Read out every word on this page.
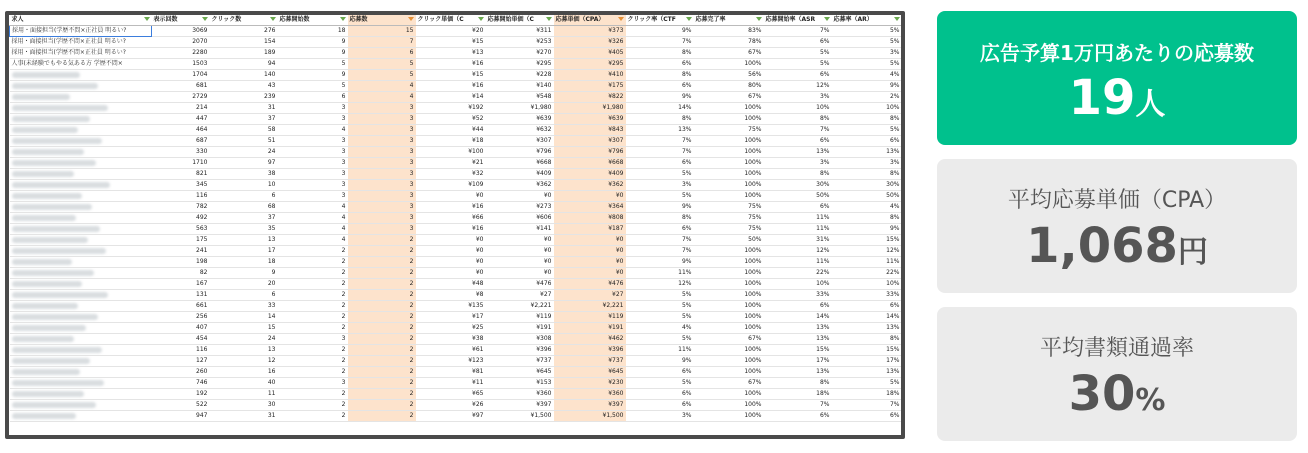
求人	表示回数	クリック数	応募開始数	応募数	クリック単価（C	応募開始単価（C	応募単価（CPA）	クリック率（CTF	応募完了率	応募開始率（ASR	応募率（AR）

採用・面接担当(学歴不問×正社員 明るい?	3069	276	18	15	¥20	¥311	¥373	9%	83%	7%	5%
採用・面接担当(学歴不問×正社員 明るい?	2070	154	9	7	¥15	¥253	¥326	7%	78%	6%	5%
採用・面接担当(学歴不問×正社員 明るい?	2280	189	9	6	¥13	¥270	¥405	8%	67%	5%	3%
人事(未経験でもやる気ある方 学歴不問×	1503	94	5	5	¥16	¥295	¥295	6%	100%	5%	5%
	1704	140	9	5	¥15	¥228	¥410	8%	56%	6%	4%
	681	43	5	4	¥16	¥140	¥175	6%	80%	12%	9%
	2729	239	6	4	¥14	¥548	¥822	9%	67%	3%	2%
	214	31	3	3	¥192	¥1,980	¥1,980	14%	100%	10%	10%
	447	37	3	3	¥52	¥639	¥639	8%	100%	8%	8%
	464	58	4	3	¥44	¥632	¥843	13%	75%	7%	5%
	687	51	3	3	¥18	¥307	¥307	7%	100%	6%	6%
	330	24	3	3	¥100	¥796	¥796	7%	100%	13%	13%
	1710	97	3	3	¥21	¥668	¥668	6%	100%	3%	3%
	821	38	3	3	¥32	¥409	¥409	5%	100%	8%	8%
	345	10	3	3	¥109	¥362	¥362	3%	100%	30%	30%
	116	6	3	3	¥0	¥0	¥0	5%	100%	50%	50%
	782	68	4	3	¥16	¥273	¥364	9%	75%	6%	4%
	492	37	4	3	¥66	¥606	¥808	8%	75%	11%	8%
	563	35	4	3	¥16	¥141	¥187	6%	75%	11%	9%
	175	13	4	2	¥0	¥0	¥0	7%	50%	31%	15%
	241	17	2	2	¥0	¥0	¥0	7%	100%	12%	12%
	198	18	2	2	¥0	¥0	¥0	9%	100%	11%	11%
	82	9	2	2	¥0	¥0	¥0	11%	100%	22%	22%
	167	20	2	2	¥48	¥476	¥476	12%	100%	10%	10%
	131	6	2	2	¥8	¥27	¥27	5%	100%	33%	33%
	661	33	2	2	¥135	¥2,221	¥2,221	5%	100%	6%	6%
	256	14	2	2	¥17	¥119	¥119	5%	100%	14%	14%
	407	15	2	2	¥25	¥191	¥191	4%	100%	13%	13%
	454	24	3	2	¥38	¥308	¥462	5%	67%	13%	8%
	116	13	2	2	¥61	¥396	¥396	11%	100%	15%	15%
	127	12	2	2	¥123	¥737	¥737	9%	100%	17%	17%
	260	16	2	2	¥81	¥645	¥645	6%	100%	13%	13%
	746	40	3	2	¥11	¥153	¥230	5%	67%	8%	5%
	192	11	2	2	¥65	¥360	¥360	6%	100%	18%	18%
	522	30	2	2	¥26	¥397	¥397	6%	100%	7%	7%
	947	31	2	2	¥97	¥1,500	¥1,500	3%	100%	6%	6%
広告予算1万円あたりの応募数
19人
平均応募単価（CPA）
1,068円
平均書類通過率
30%
